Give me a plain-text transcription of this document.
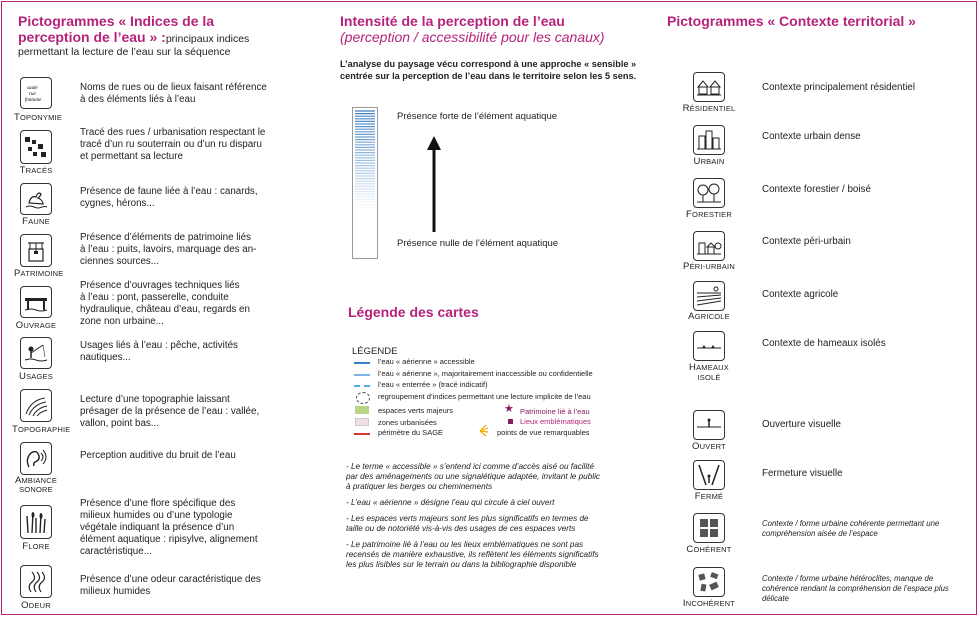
Pictogrammes « Indices de la
perception de l’eau » : principaux indices
permettant la lecture de l’eau sur la séquence
saule
rue
fontaine
TOPONYMIE
Noms de rues ou de lieux faisant référence
à des éléments liés à l’eau
TRACÉS
Tracé des rues / urbanisation respectant le
tracé d’un ru souterrain ou d’un ru disparu
et permettant sa lecture
FAUNE
Présence de faune liée à l’eau : canards,
cygnes, hérons...
PATRIMOINE
Présence d’éléments de patrimoine liés
à l’eau : puits, lavoirs, marquage des an-
ciennes sources...
OUVRAGE
Présence d’ouvrages techniques liés
à l’eau : pont, passerelle, conduite
hydraulique, château d’eau, regards en
zone non urbaine...
USAGES
Usages liés à l’eau : pêche, activités
nautiques...
TOPOGRAPHIE
Lecture d’une topographie laissant
présager de la présence de l’eau : vallée,
vallon, point bas...
AMBIANCE
SONORE
Perception auditive du bruit de l’eau
FLORE
Présence d’une flore spécifique des
milieux humides ou d’une typologie
végétale indiquant la présence d’un
élément aquatique : ripisylve, alignement
caractéristique...
ODEUR
Présence d’une odeur caractéristique des
milieux humides
Intensité de la perception de l’eau
(perception / accessibilité pour les canaux)
L’analyse du paysage vécu correspond à une approche « sensible »
centrée sur la perception de l’eau dans le territoire selon les 5 sens.
Présence forte de l’élément aquatique
Présence nulle de l’élément aquatique
Légende des cartes
LÉGENDE
l’eau « aérienne » accessible
l’eau « aérienne », majoritairement inaccessible ou confidentielle
l’eau « enterrée » (tracé indicatif)
regroupement d’indices permettant une lecture implicite de l’eau
espaces verts majeurs
zones urbanisées
périmètre du SAGE
★ Patrimoine lié à l’eau
Lieux emblématiques
points de vue remarquables

- Le terme « accessible » s’entend ici comme d’accès aisé ou facilité par des aménagements ou une signalétique adaptée, invitant le public à pratiquer les berges ou cheminements

- L’eau « aérienne » désigne l’eau qui circule à ciel ouvert

- Les espaces verts majeurs sont les plus significatifs en termes de taille ou de notoriété vis-à-vis des usages de ces espaces verts

- Le patrimoine lié à l’eau ou les lieux emblématiques ne sont pas recensés de manière exhaustive, ils reflètent les éléments significatifs les plus lisibles sur le terrain ou dans la bibliographie disponible

Pictogrammes « Contexte territorial »
RÉSIDENTIEL
Contexte principalement résidentiel
URBAIN
Contexte urbain dense
FORESTIER
Contexte forestier / boisé
PÉRI-URBAIN
Contexte péri-urbain
AGRICOLE
Contexte agricole
HAMEAUX ISOLÉ
Contexte de hameaux isolés
OUVERT
Ouverture visuelle
FERMÉ
Fermeture visuelle
COHÉRENT
Contexte / forme urbaine cohérente permettant une
compréhension aisée de l’espace
INCOHÉRENT
Contexte / forme urbaine hétéroclites, manque de
cohérence rendant la compréhension de l’espace plus
délicate
